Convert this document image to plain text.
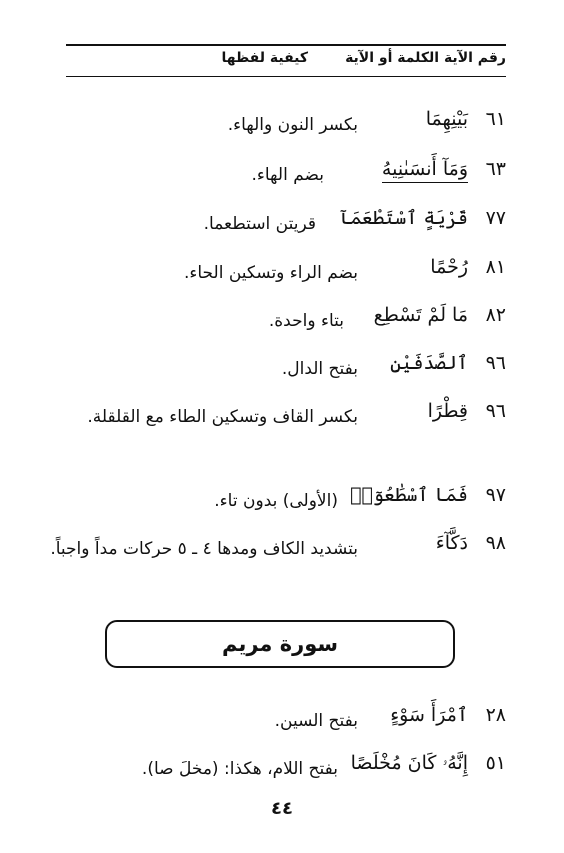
رقم الآية الكلمة أو الآية
كيفية لفظها
٦١
بَيْنِهِمَا
بكسر النون والهاء.
٦٣
وَمَآ أَنسَىٰنِيهُ
بضم الهاء.
٧٧
قَرْيَةٍ ٱسْتَطْعَمَآ
قريتن استطعما.
٨١
رُحْمًا
بضم الراء وتسكين الحاء.
٨٢
مَا لَمْ تَسْطِع
بتاء واحدة.
٩٦
ٱلصَّدَفَيْنِ
بفتح الدال.
٩٦
قِطْرًا
بكسر القاف وتسكين الطاء مع القلقلة.
٩٧
فَمَا ٱسْطَٰعُوٓا۟
(الأولى) بدون تاء.
٩٨
دَكَّآءَ
بتشديد الكاف ومدها ٤ ـ ٥ حركات مداً واجباً.
سورة مريم
٢٨
ٱمْرَأَ سَوْءٍ
بفتح السين.
٥١
إِنَّهُۥ كَانَ مُخْلَصًا
بفتح اللام، هكذا: (مخلَ صا).
٤٤
